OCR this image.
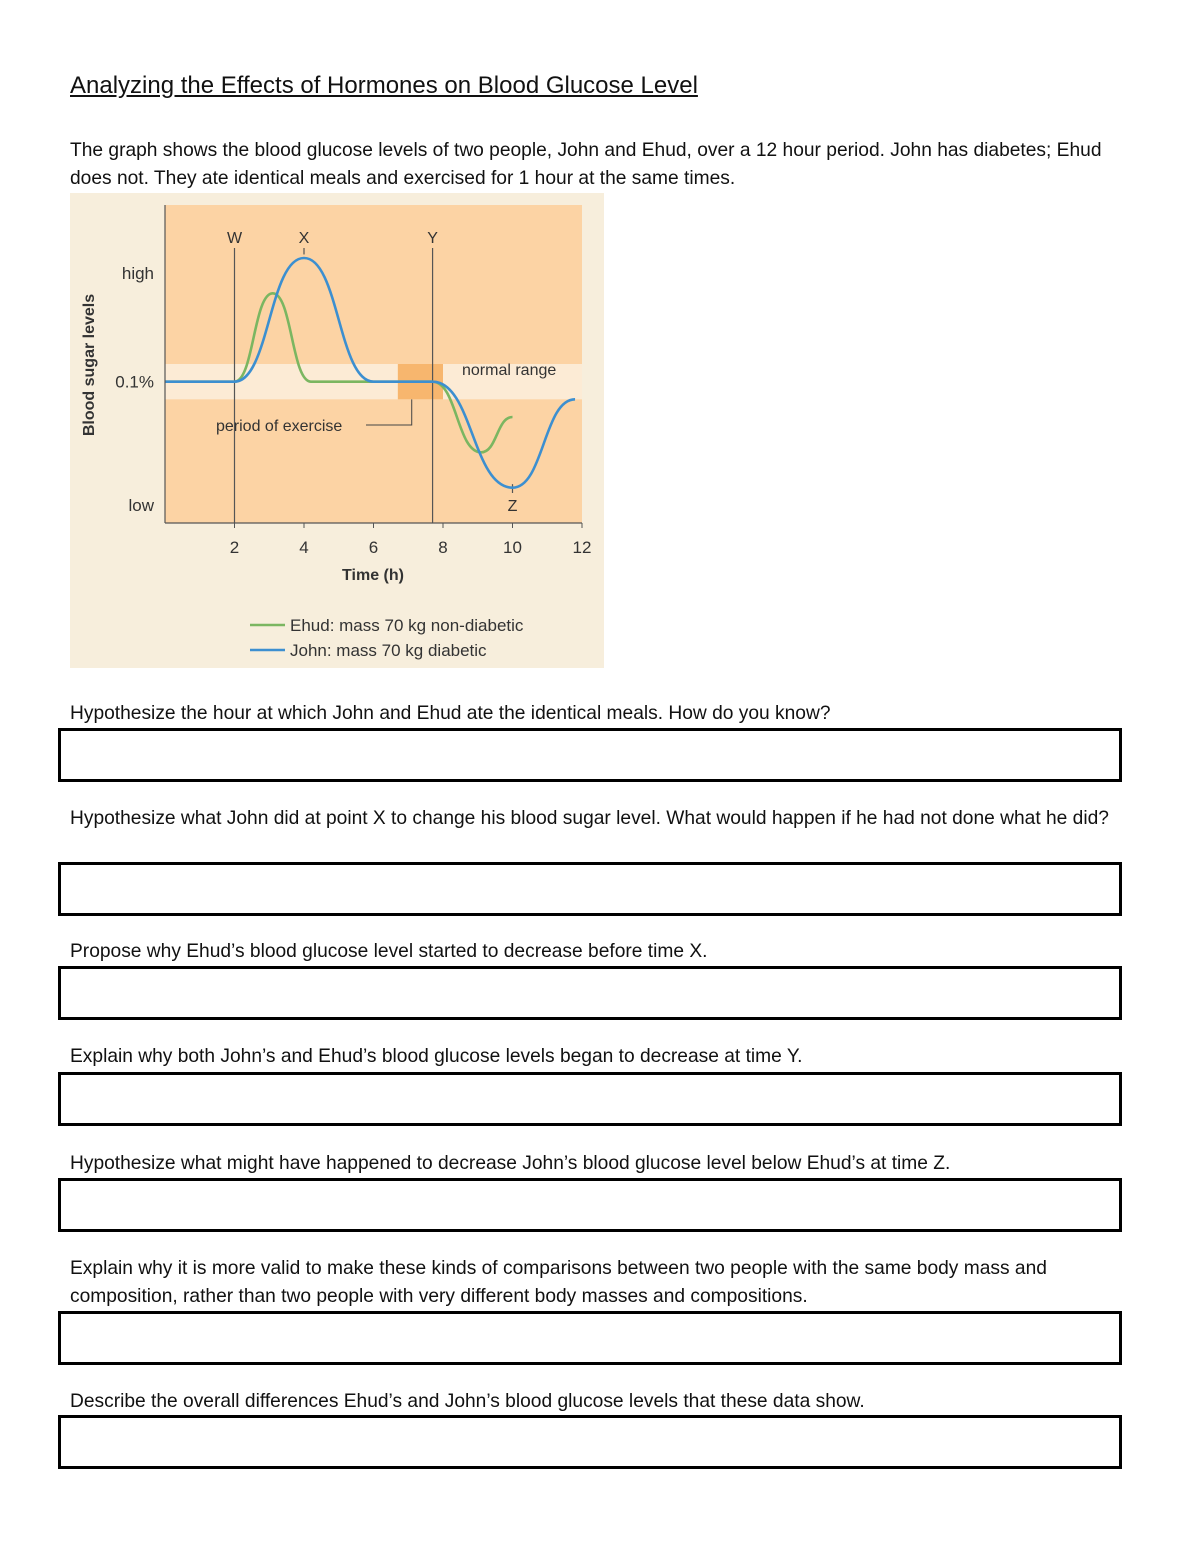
Analyzing the Effects of Hormones on Blood Glucose Level
The graph shows the blood glucose levels of two people, John and Ehud, over a 12 hour period. John has diabetes; Ehud does not. They ate identical meals and exercised for 1 hour at the same times.
W	X	Y
Z
2	4	6	8	10	12
low
0.1%
high
period of exercise
normal range
Time (h)
Blood sugar levels
Ehud: mass 70 kg non-diabetic
John: mass 70 kg diabetic
Hypothesize the hour at which John and Ehud ate the identical meals. How do you know?
Hypothesize what John did at point X to change his blood sugar level. What would happen if he had not done what he did?
Propose why Ehud’s blood glucose level started to decrease before time X.
Explain why both John’s and Ehud’s blood glucose levels began to decrease at time Y.
Hypothesize what might have happened to decrease John’s blood glucose level below Ehud’s at time Z.
Explain why it is more valid to make these kinds of comparisons between two people with the same body mass and composition, rather than two people with very different body masses and compositions.
Describe the overall differences Ehud’s and John’s blood glucose levels that these data show.
